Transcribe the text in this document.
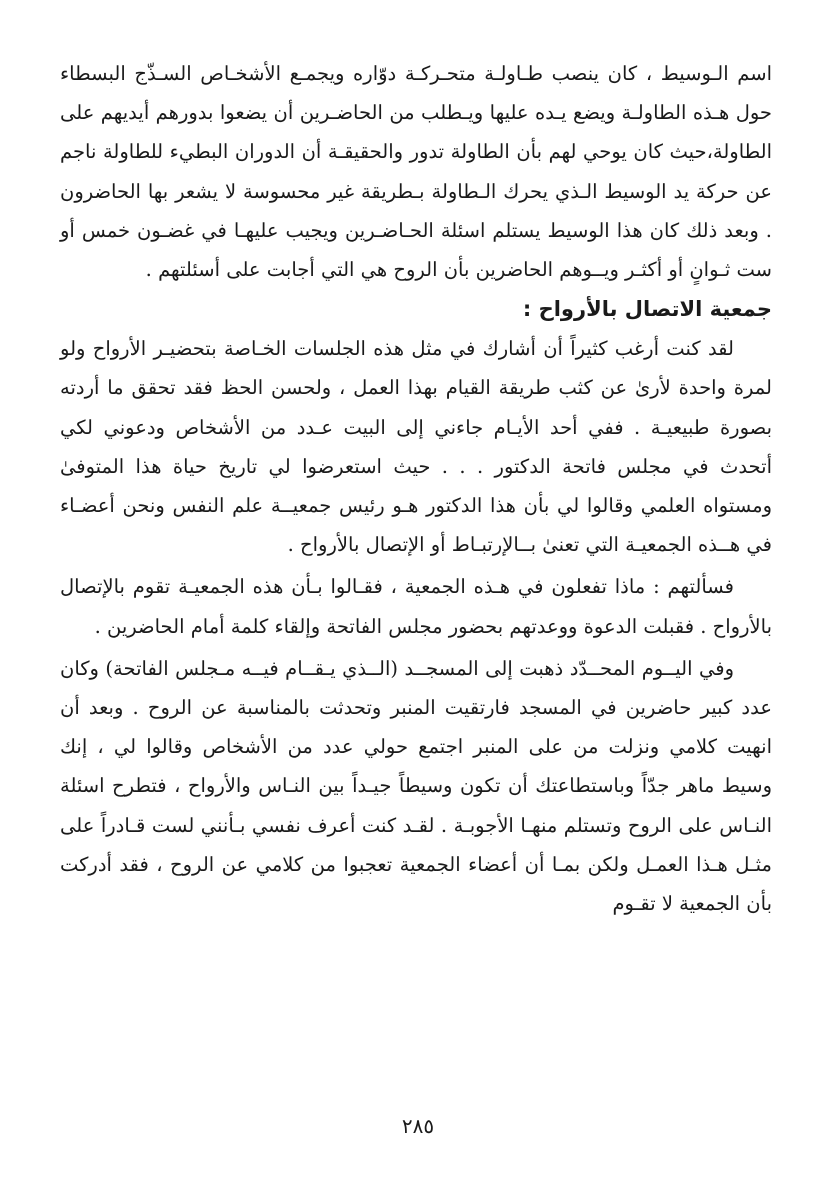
اسم الـوسيط ، كان ينصب طـاولـة متحـركـة دوّاره ويجمـع الأشخـاص السـذّج البسطاء حول هـذه الطاولـة ويضع يـده عليها ويـطلب من الحاضـرين أن يضعوا بدورهم أيديهم على الطاولة،حيث كان يوحي لهم بأن الطاولة تدور والحقيقـة أن الدوران البطيء للطاولة ناجم عن حركة يد الوسيط الـذي يحرك الـطاولة بـطريقة غير محسوسة لا يشعر بها الحاضرون . وبعد ذلك كان هذا الوسيط يستلم اسئلة الحـاضـرين ويجيب عليهـا في غضـون خمس أو ست ثـوانٍ أو أكثـر ويــوهم الحاضرين بأن الروح هي التي أجابت على أسئلتهم .

جمعية الاتصال بالأرواح :

لقد كنت أرغب كثيراً أن أشارك في مثل هذه الجلسات الخـاصة بتحضيـر الأرواح ولو لمرة واحدة لأرىٰ عن كثب طريقة القيام بهذا العمل ، ولحسن الحظ فقد تحقق ما أردته بصورة طبيعيـة . ففي أحد الأيـام جاءني إلى البيت عـدد من الأشخاص ودعوني لكي أتحدث في مجلس فاتحة الدكتور . . . حيث استعرضوا لي تاريخ حياة هذا المتوفىٰ ومستواه العلمي وقالوا لي بأن هذا الدكتور هـو رئيس جمعيــة علم النفس ونحن أعضـاء في هــذه الجمعيـة التي تعنىٰ بــالإرتبـاط أو الإتصال بالأرواح .

فسألتهم : ماذا تفعلون في هـذه الجمعية ، فقـالوا بـأن هذه الجمعيـة تقوم بالإتصال بالأرواح . فقبلت الدعوة ووعدتهم بحضور مجلس الفاتحة وإلقاء كلمة أمام الحاضرين .

وفي اليــوم المحــدّد ذهبت إلى المسجــد (الــذي يـقــام فيــه مـجلس الفاتحة) وكان عدد كبير حاضرين في المسجد فارتقيت المنبر وتحدثت بالمناسبة عن الروح . وبعد أن انهيت كلامي ونزلت من على المنبر اجتمع حولي عدد من الأشخاص وقالوا لي ، إنك وسيط ماهر جدّاً وباستطاعتك أن تكون وسيطاً جيـداً بين النـاس والأرواح ، فتطرح اسئلة النـاس على الروح وتستلم منهـا الأجوبـة . لقـد كنت أعرف نفسي بـأنني لست قـادراً على مثـل هـذا العمـل ولكن بمـا أن أعضاء الجمعية تعجبوا من كلامي عن الروح ، فقد أدركت بأن الجمعية لا تقـوم

٢٨٥
